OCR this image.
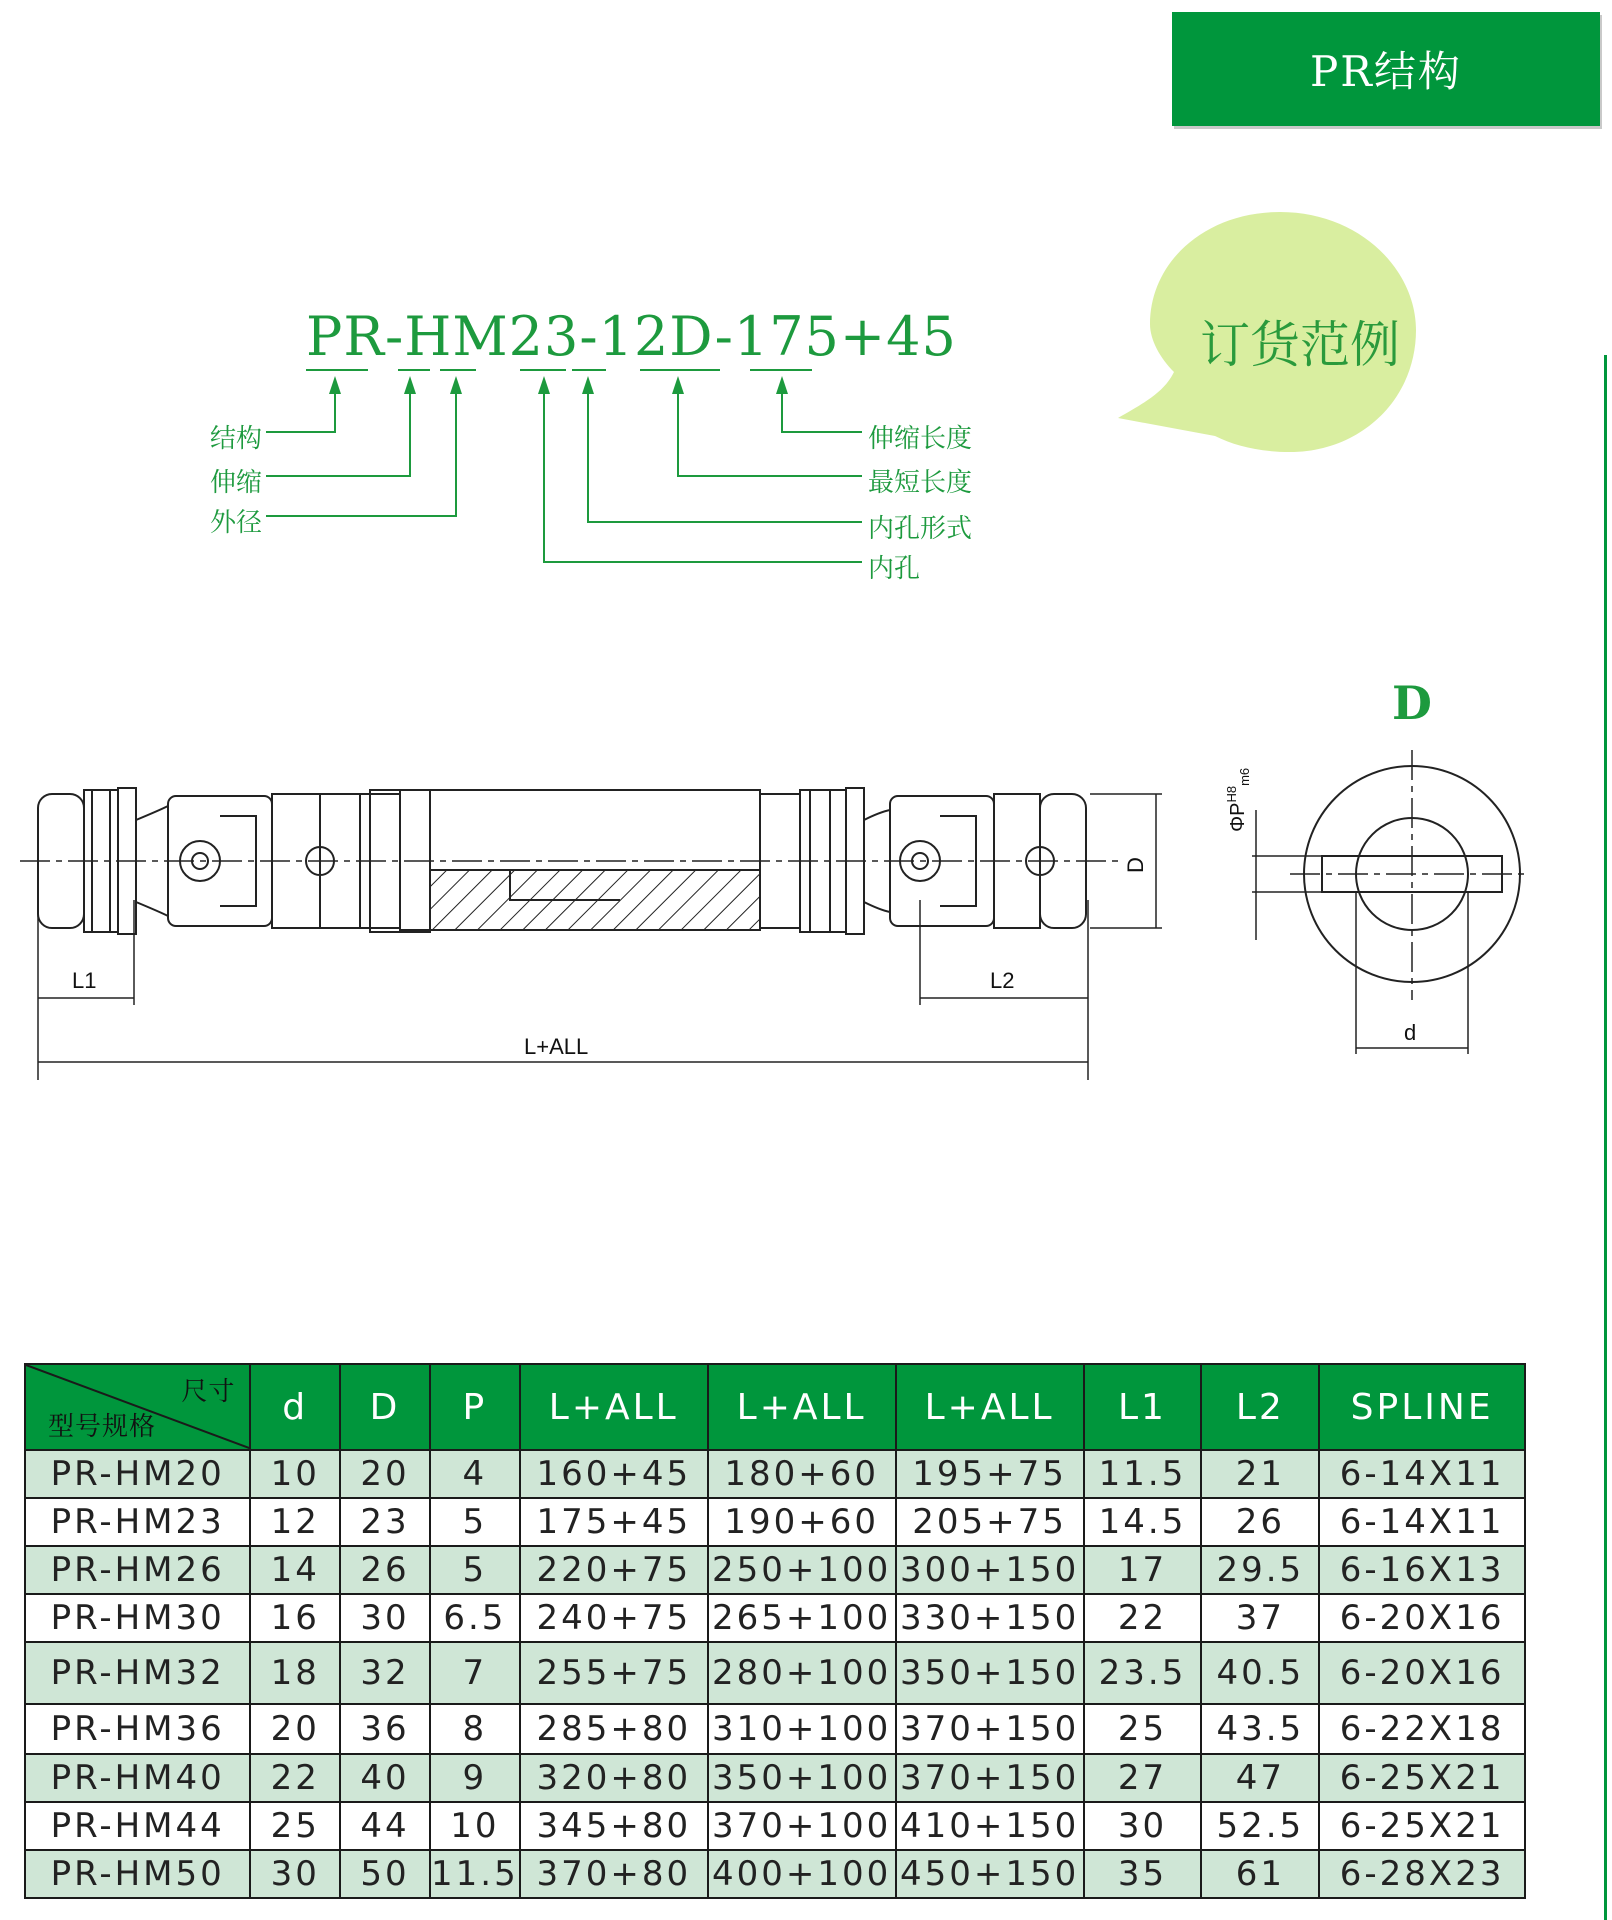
PR结构
订货范例
PR-HM23-12D-175+45
结构
伸缩
外径
伸缩长度
最短长度
内孔形式
内孔
D
L1	L2
L+ALL
D
$\Phi P^{H8}_{m6}$
d
尺寸
型号规格	d	D	P	L+ALL	L+ALL	L+ALL	L1	L2	SPLINE
PR-HM20	10	20	4	160+45	180+60	195+75	11.5	21	6-14X11
PR-HM23	12	23	5	175+45	190+60	205+75	14.5	26	6-14X11
PR-HM26	14	26	5	220+75	250+100	300+150	17	29.5	6-16X13
PR-HM30	16	30	6.5	240+75	265+100	330+150	22	37	6-20X16
PR-HM32	18	32	7	255+75	280+100	350+150	23.5	40.5	6-20X16
PR-HM36	20	36	8	285+80	310+100	370+150	25	43.5	6-22X18
PR-HM40	22	40	9	320+80	350+100	370+150	27	47	6-25X21
PR-HM44	25	44	10	345+80	370+100	410+150	30	52.5	6-25X21
PR-HM50	30	50	11.5	370+80	400+100	450+150	35	61	6-28X23
